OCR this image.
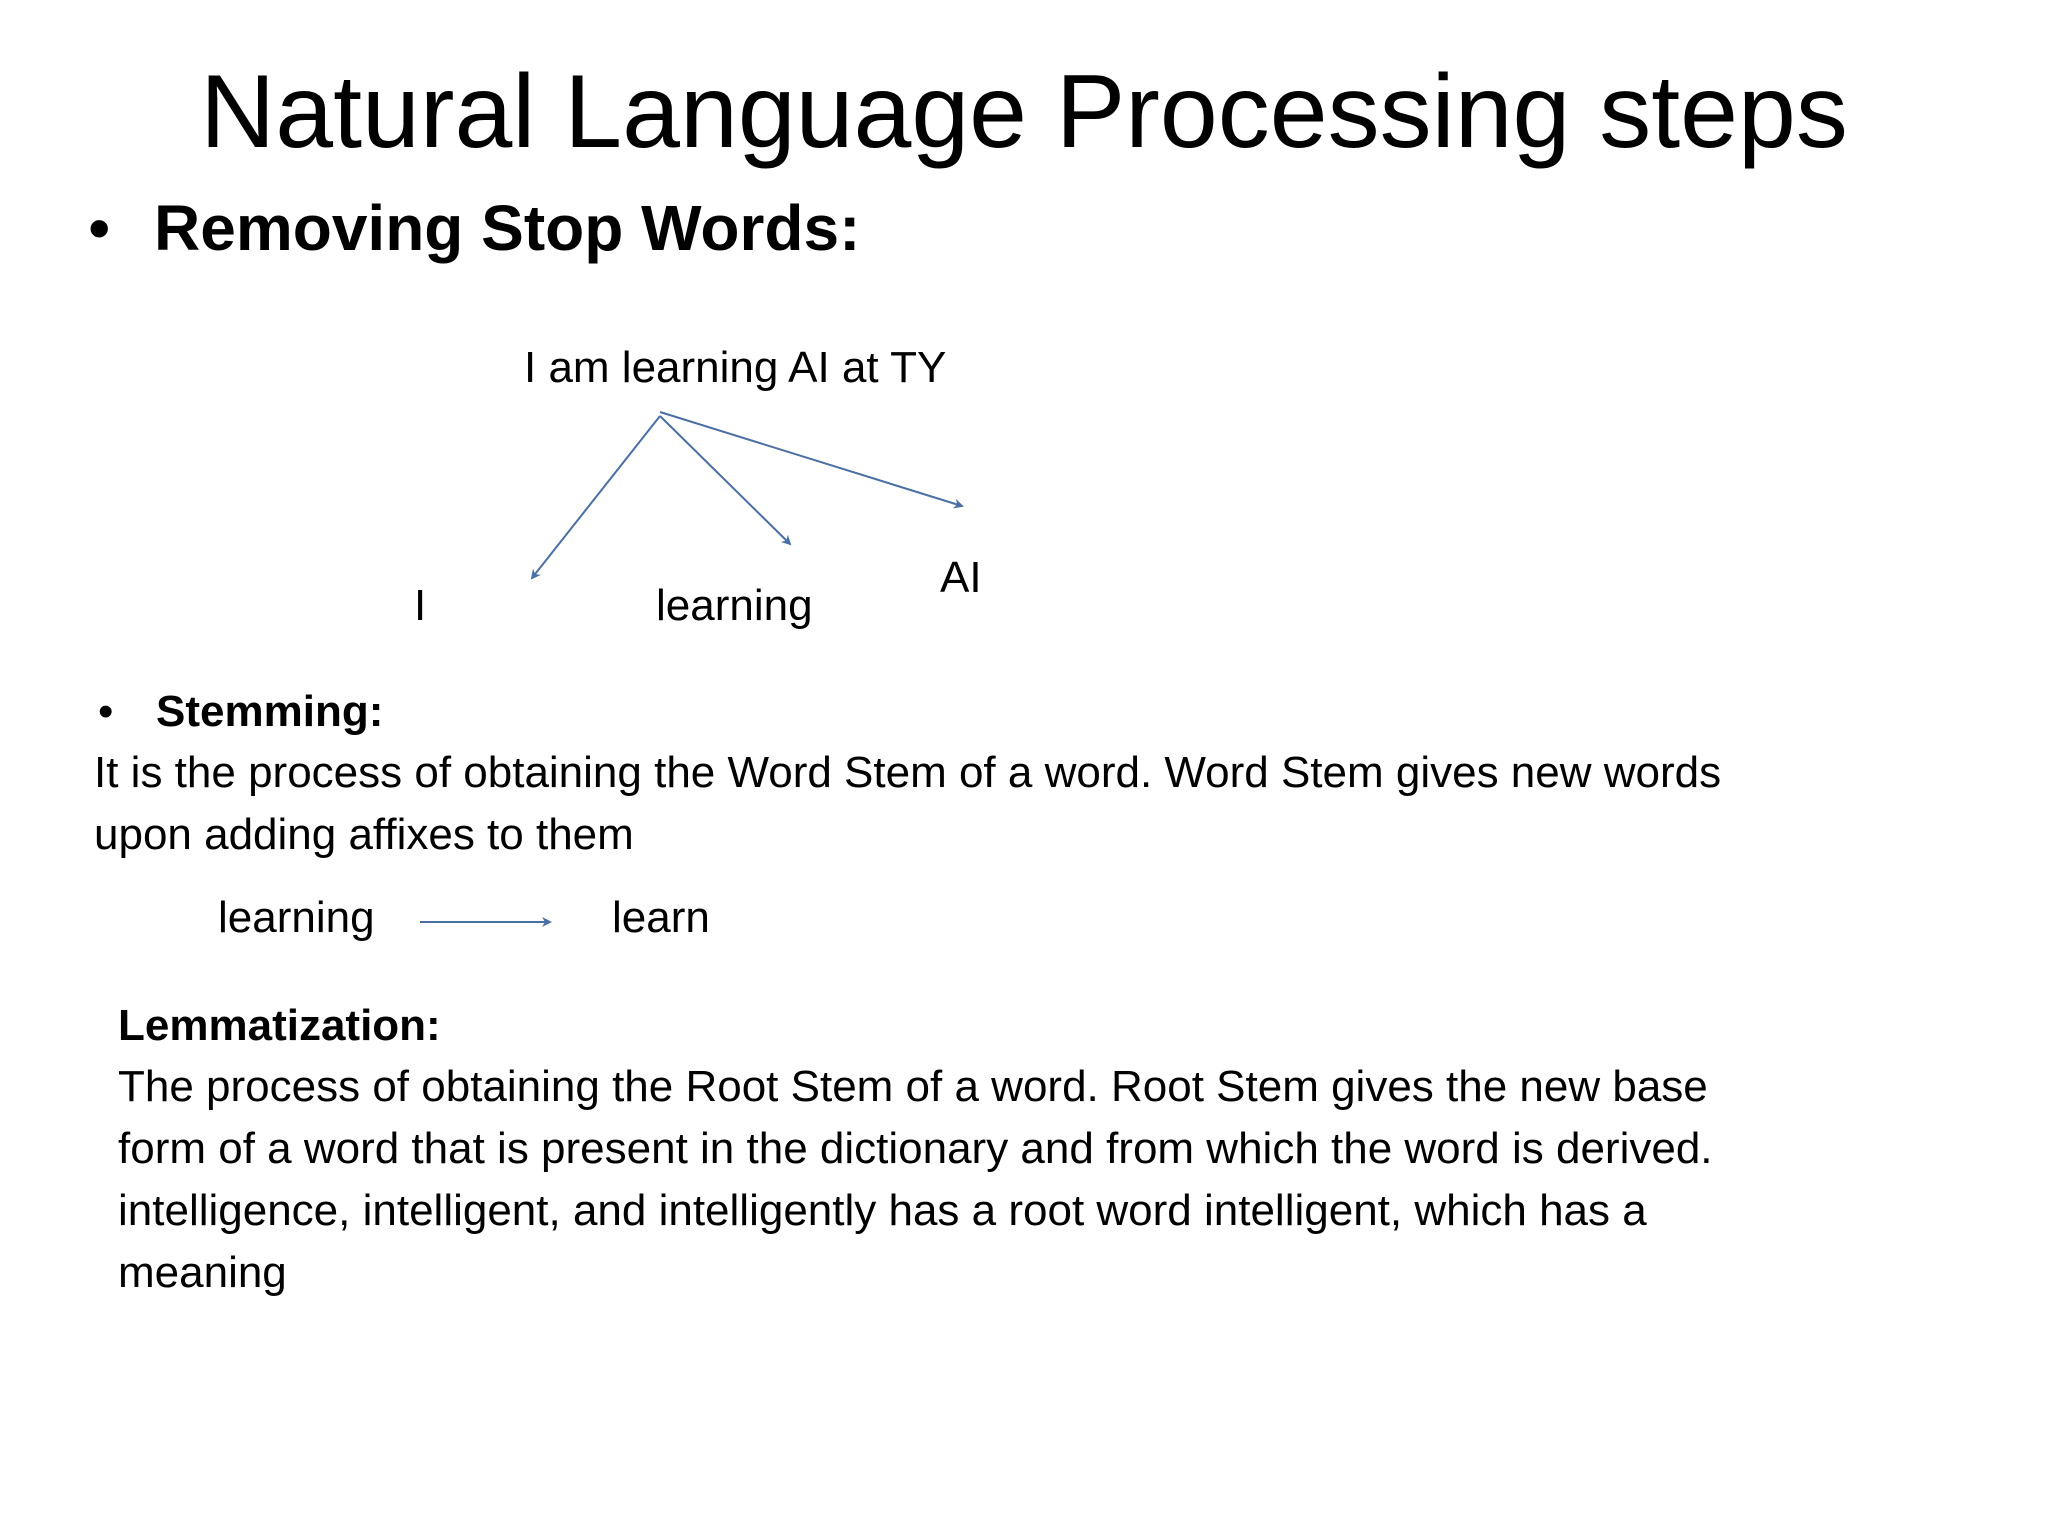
Natural Language Processing steps
• Removing Stop Words:
I am learning AI at TY
I	learning
AI
• Stemming:
It is the process of obtaining the Word Stem of a word. Word Stem gives new words
upon adding affixes to them
learning	learn
Lemmatization:
The process of obtaining the Root Stem of a word. Root Stem gives the new base
form of a word that is present in the dictionary and from which the word is derived.
intelligence, intelligent, and intelligently has a root word intelligent, which has a
meaning
